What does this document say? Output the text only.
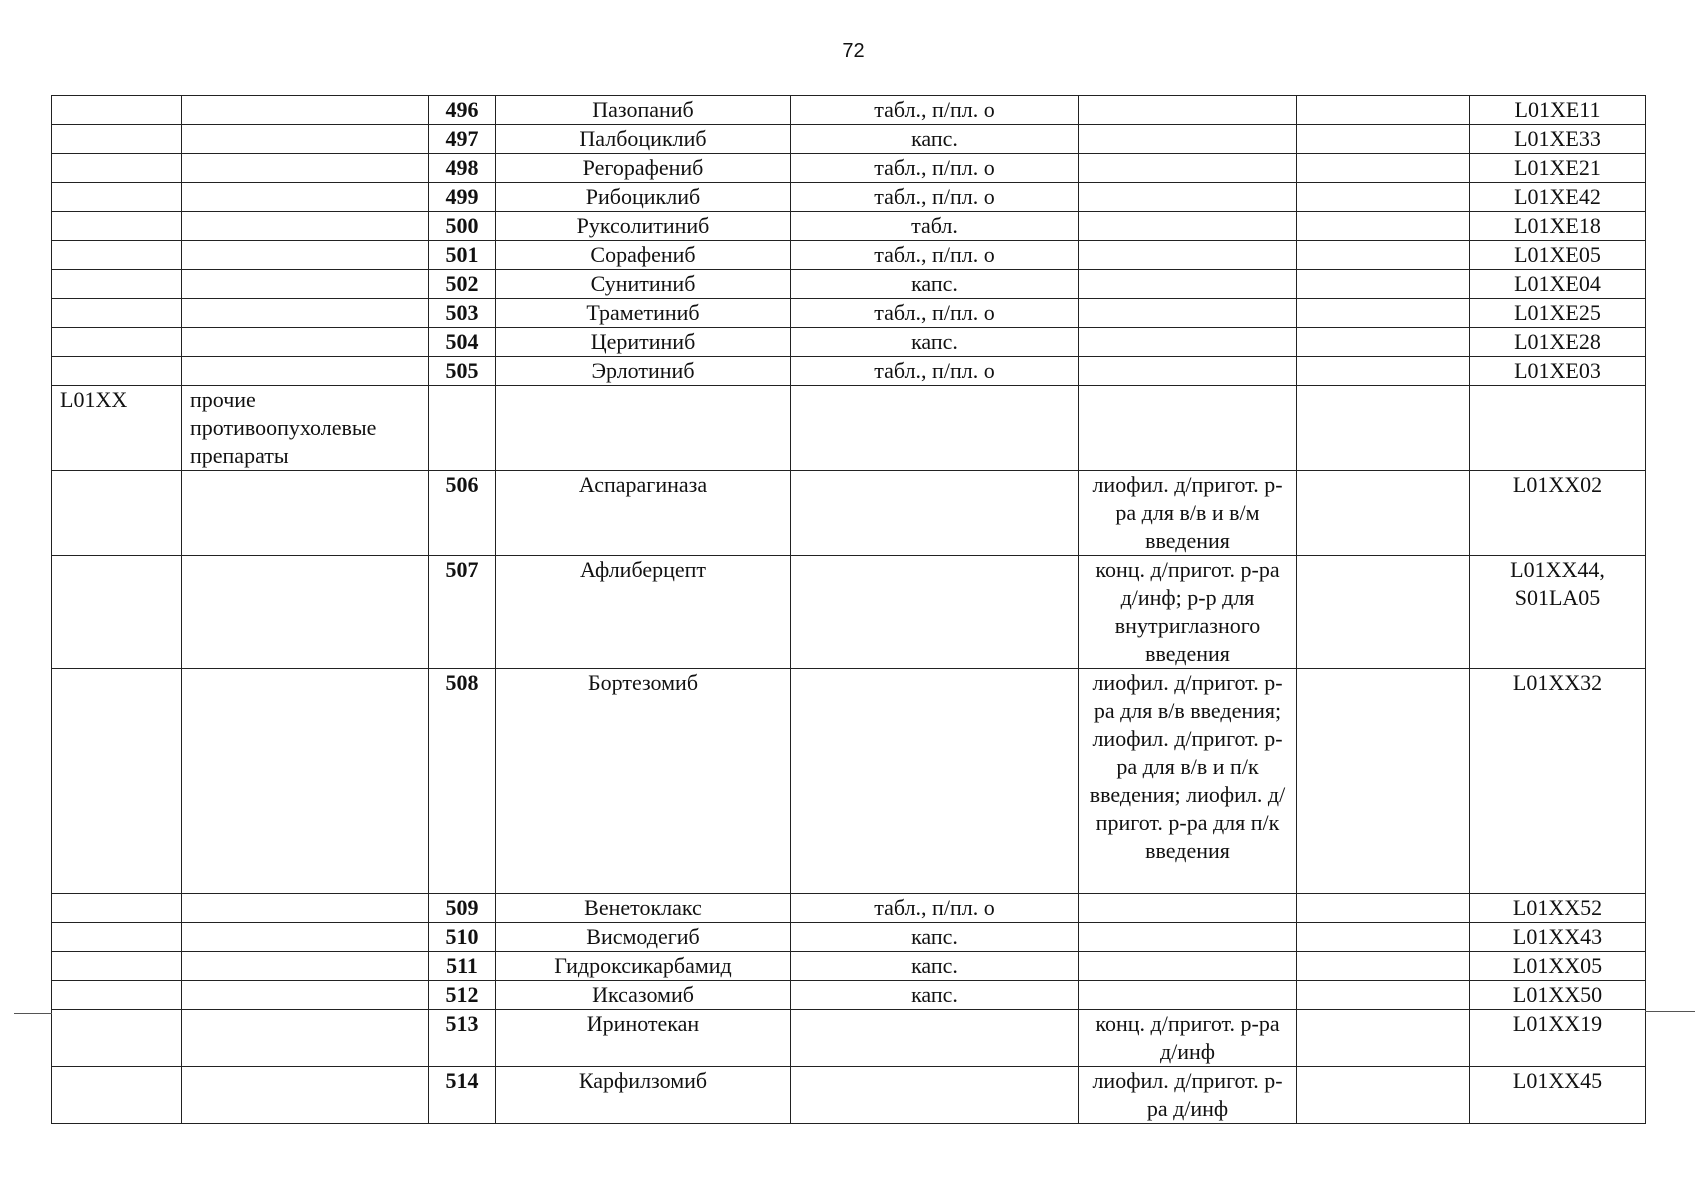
72
		496	Пазопаниб	табл., п/пл. о			L01XE11
		497	Палбоциклиб	капс.			L01XE33
		498	Регорафениб	табл., п/пл. о			L01XE21
		499	Рибоциклиб	табл., п/пл. о			L01XE42
		500	Руксолитиниб	табл.			L01XE18
		501	Сорафениб	табл., п/пл. о			L01XE05
		502	Сунитиниб	капс.			L01XE04
		503	Траметиниб	табл., п/пл. о			L01XE25
		504	Церитиниб	капс.			L01XE28
		505	Эрлотиниб	табл., п/пл. о			L01XE03
L01XX	прочие противоопухолевые препараты						
		506	Аспарагиназа		лиофил. д/пригот. р-ра для в/в и в/м введения		L01XX02
		507	Афлиберцепт		конц. д/пригот. р-ра д/инф; р-р для внутриглазного введения		L01XX44, S01LA05
		508	Бортезомиб		лиофил. д/пригот. р-ра для в/в введения; лиофил. д/пригот. р-ра для в/в и п/к введения; лиофил. д/пригот. р-ра для п/к введения		L01XX32
		509	Венетоклакс	табл., п/пл. о			L01XX52
		510	Висмодегиб	капс.			L01XX43
		511	Гидроксикарбамид	капс.			L01XX05
		512	Иксазомиб	капс.			L01XX50
		513	Иринотекан		конц. д/пригот. р-ра д/инф		L01XX19
		514	Карфилзомиб		лиофил. д/пригот. р-ра д/инф		L01XX45
